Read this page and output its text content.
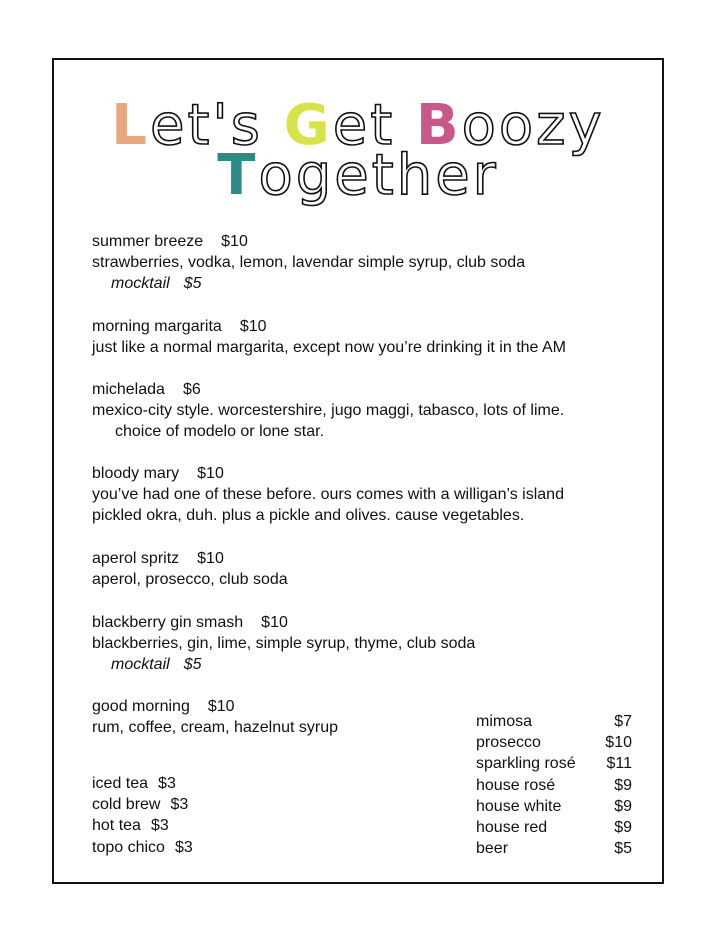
Let's Get Boozy
Together
summer breeze $10
strawberries, vodka, lemon, lavendar simple syrup, club soda
mocktail $5
morning margarita $10
just like a normal margarita, except now you’re drinking it in the AM
michelada $6
mexico-city style. worcestershire, jugo maggi, tabasco, lots of lime.
choice of modelo or lone star.
bloody mary $10
you’ve had one of these before. ours comes with a willigan’s island
pickled okra, duh. plus a pickle and olives. cause vegetables.
aperol spritz $10
aperol, prosecco, club soda
blackberry gin smash $10
blackberries, gin, lime, simple syrup, thyme, club soda
mocktail $5
good morning $10
rum, coffee, cream, hazelnut syrup
iced tea $3
cold brew $3
hot tea $3
topo chico $3
mimosa	$7
prosecco	$10
sparkling rosé $11
house rosé	$9
house white	$9
house red	$9
beer	$5
